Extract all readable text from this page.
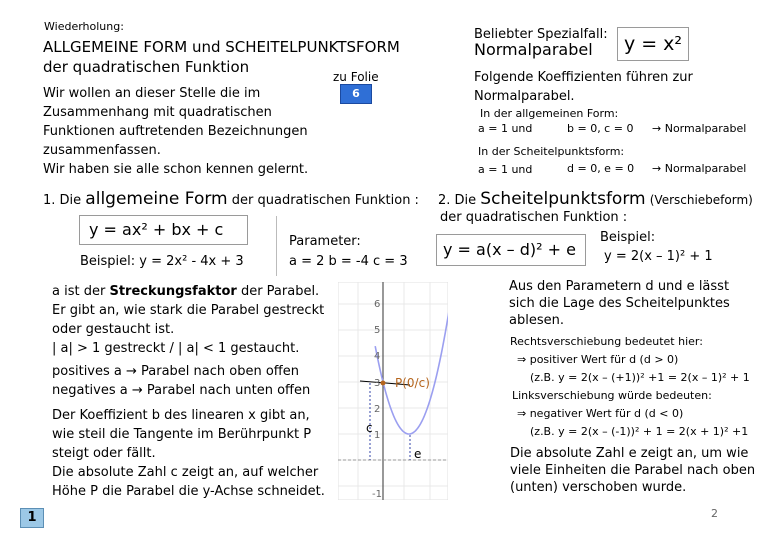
Wiederholung:
ALLGEMEINE FORM und SCHEITELPUNKTSFORM
der quadratischen Funktion
zu Folie
6
Wir wollen an dieser Stelle die im
Zusammenhang mit quadratischen
Funktionen auftretenden Bezeichnungen
zusammenfassen.
Wir haben sie alle schon kennen gelernt.
Beliebter Spezialfall:
Normalparabel	y = x²
Folgende Koeffizienten führen zur
Normalparabel.
In der allgemeinen Form:
a = 1 und	b = 0, c = 0 → Normalparabel
In der Scheitelpunktsform:
a = 1 und	d = 0, e = 0 → Normalparabel
1. Die allgemeine Form der quadratischen Funktion :
y = ax² + bx + c
Parameter:
a = 2 b = -4 c = 3
Beispiel: y = 2x² - 4x + 3
a ist der Streckungsfaktor der Parabel.
Er gibt an, wie stark die Parabel gestreckt
oder gestaucht ist.
| a| > 1 gestreckt / | a| < 1 gestaucht.
positives a → Parabel nach oben offen
negatives a → Parabel nach unten offen
Der Koeffizient b des linearen x gibt an,
wie steil die Tangente im Berührpunkt P
steigt oder fällt.
Die absolute Zahl c zeigt an, auf welcher
Höhe P die Parabel die y-Achse schneidet.
1
6
5
4
3
2
1
-1
P(0/c)
c
e
2. Die Scheitelpunktsform (Verschiebeform)
der quadratischen Funktion :
y = a(x – d)² + e
Beispiel:
y = 2(x – 1)² + 1
Aus den Parametern d und e lässt
sich die Lage des Scheitelpunktes
ablesen.
Rechtsverschiebung bedeutet hier:
⇒ positiver Wert für d (d > 0)
(z.B. y = 2(x – (+1))² +1 = 2(x – 1)² + 1
Linksverschiebung würde bedeuten:
⇒ negativer Wert für d (d < 0)
(z.B. y = 2(x – (-1))² + 1 = 2(x + 1)² +1
Die absolute Zahl e zeigt an, um wie
viele Einheiten die Parabel nach oben
(unten) verschoben wurde.
2
